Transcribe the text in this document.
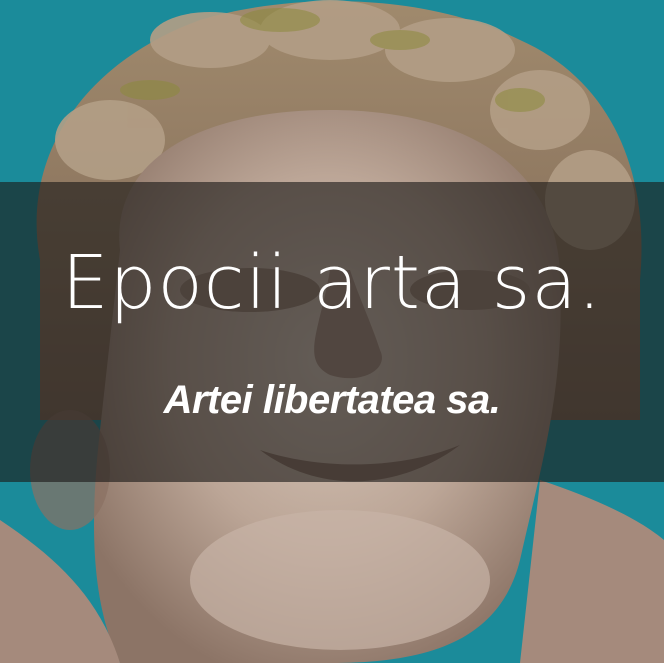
Epocii arta sa.
Artei libertatea sa.
